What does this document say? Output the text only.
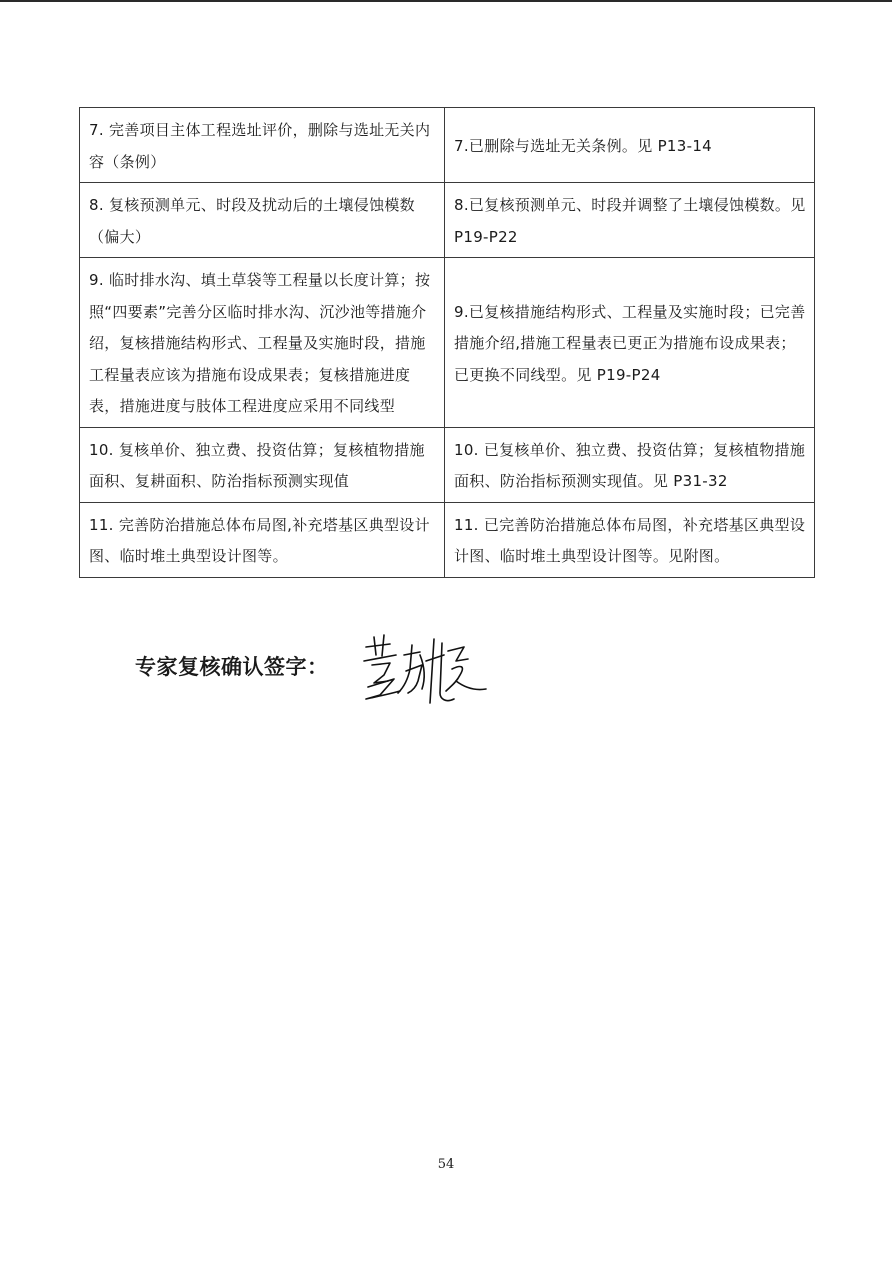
7. 完善项目主体工程选址评价，删除与选址无关内容（条例）	7.已删除与选址无关条例。见 P13-14
8. 复核预测单元、时段及扰动后的土壤侵蚀模数（偏大）	8.已复核预测单元、时段并调整了土壤侵蚀模数。见 P19-P22
9. 临时排水沟、填土草袋等工程量以长度计算；按照“四要素”完善分区临时排水沟、沉沙池等措施介绍，复核措施结构形式、工程量及实施时段，措施工程量表应该为措施布设成果表；复核措施进度表，措施进度与肢体工程进度应采用不同线型	9.已复核措施结构形式、工程量及实施时段；已完善措施介绍,措施工程量表已更正为措施布设成果表； 已更换不同线型。见 P19-P24
10. 复核单价、独立费、投资估算；复核植物措施面积、复耕面积、防治指标预测实现值	10. 已复核单价、独立费、投资估算；复核植物措施面积、防治指标预测实现值。见 P31-32
11. 完善防治措施总体布局图,补充塔基区典型设计图、临时堆土典型设计图等。	11. 已完善防治措施总体布局图，补充塔基区典型设计图、临时堆土典型设计图等。见附图。
专家复核确认签字：
54
